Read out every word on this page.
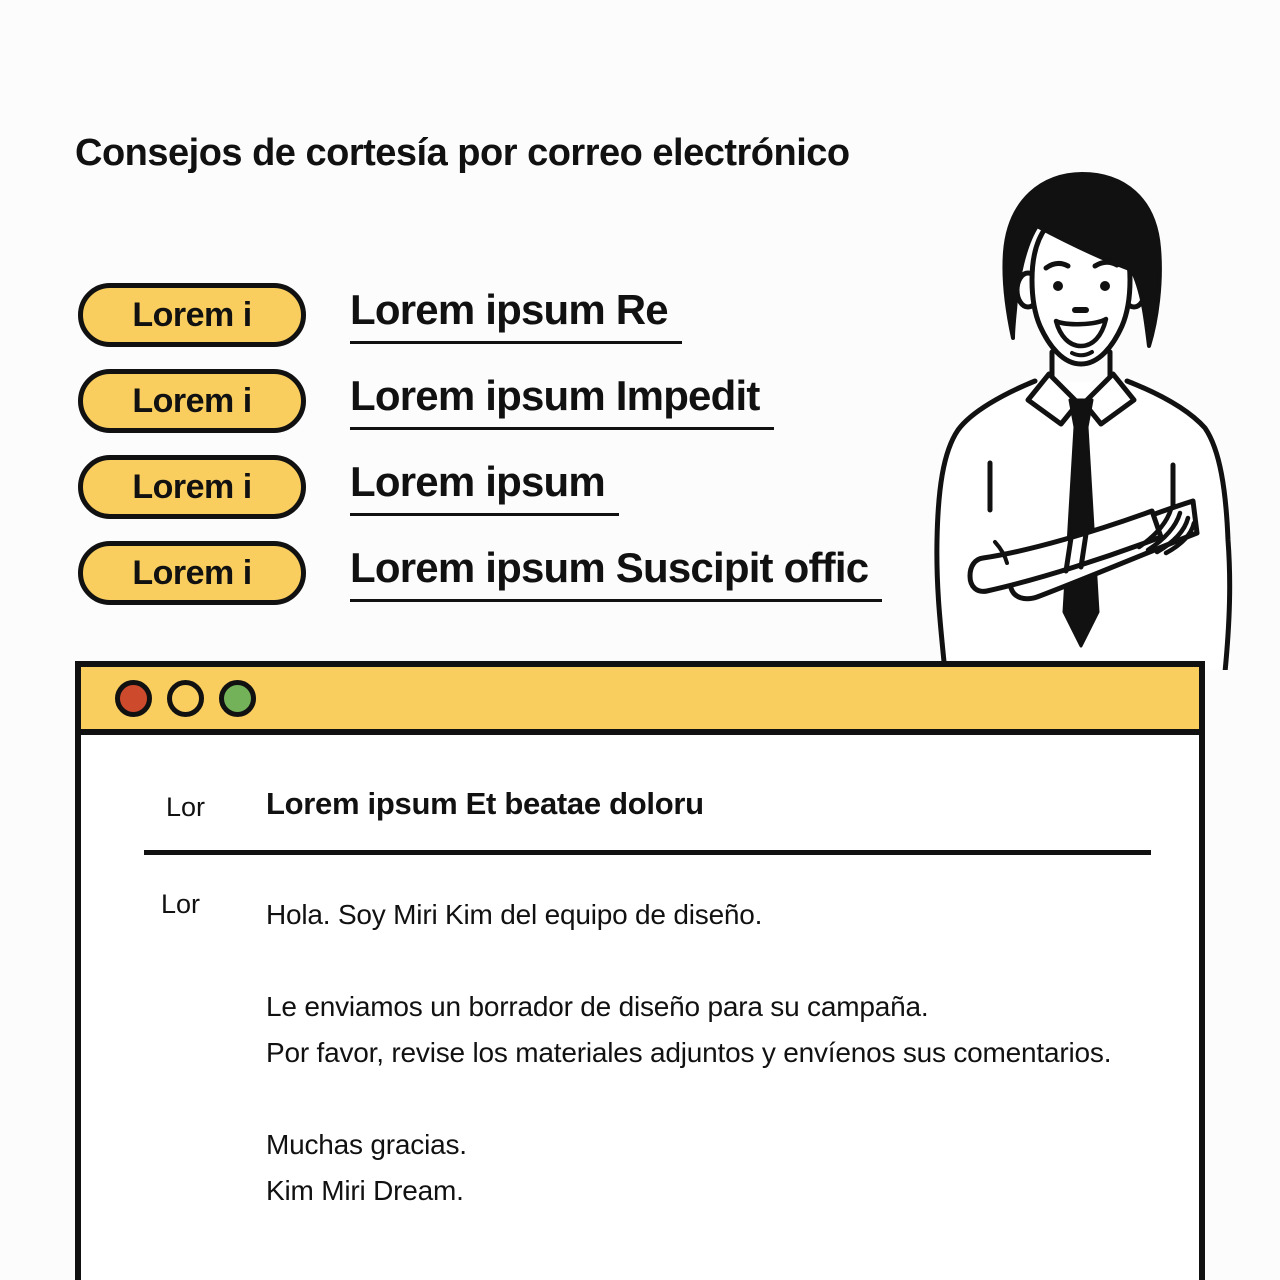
Consejos de cortesía por correo electrónico
Lorem i	Lorem ipsum Re
Lorem i	Lorem ipsum Impedit
Lorem i	Lorem ipsum
Lorem i	Lorem ipsum Suscipit offic
Lor Lorem ipsum Et beatae doloru
Lor Hola. Soy Miri Kim del equipo de diseño.

Le enviamos un borrador de diseño para su campaña.
Por favor, revise los materiales adjuntos y envíenos sus comentarios.

Muchas gracias.
Kim Miri Dream.
